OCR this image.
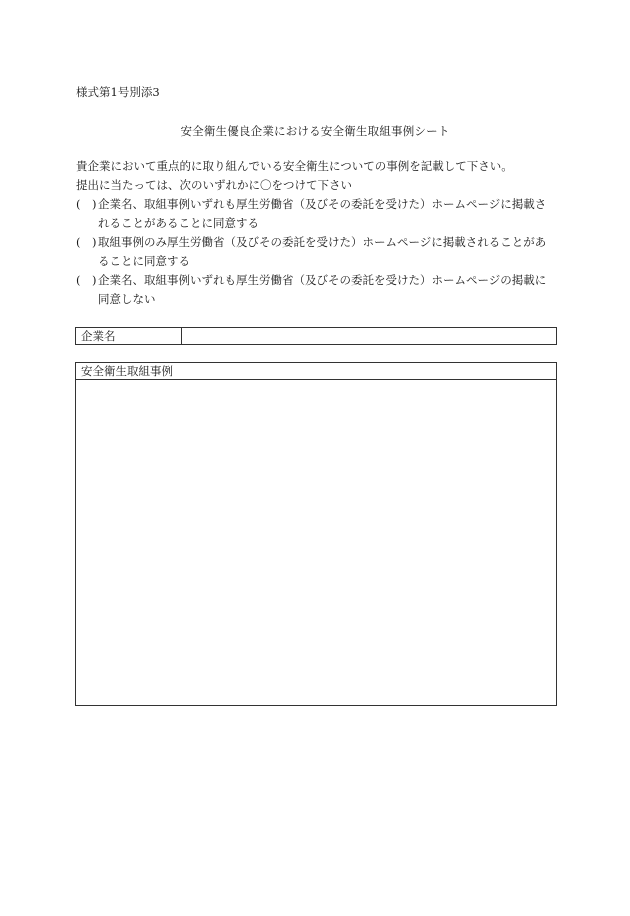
様式第1号別添3
安全衛生優良企業における安全衛生取組事例シート
貴企業において重点的に取り組んでいる安全衛生についての事例を記載して下さい。
提出に当たっては、次のいずれかに〇をつけて下さい
(　) 企業名、取組事例いずれも厚生労働省（及びその委託を受けた）ホームページに掲載さ
れることがあることに同意する
(　) 取組事例のみ厚生労働省（及びその委託を受けた）ホームページに掲載されることがあ
ることに同意する
(　) 企業名、取組事例いずれも厚生労働省（及びその委託を受けた）ホームページの掲載に
同意しない
企業名
安全衛生取組事例
